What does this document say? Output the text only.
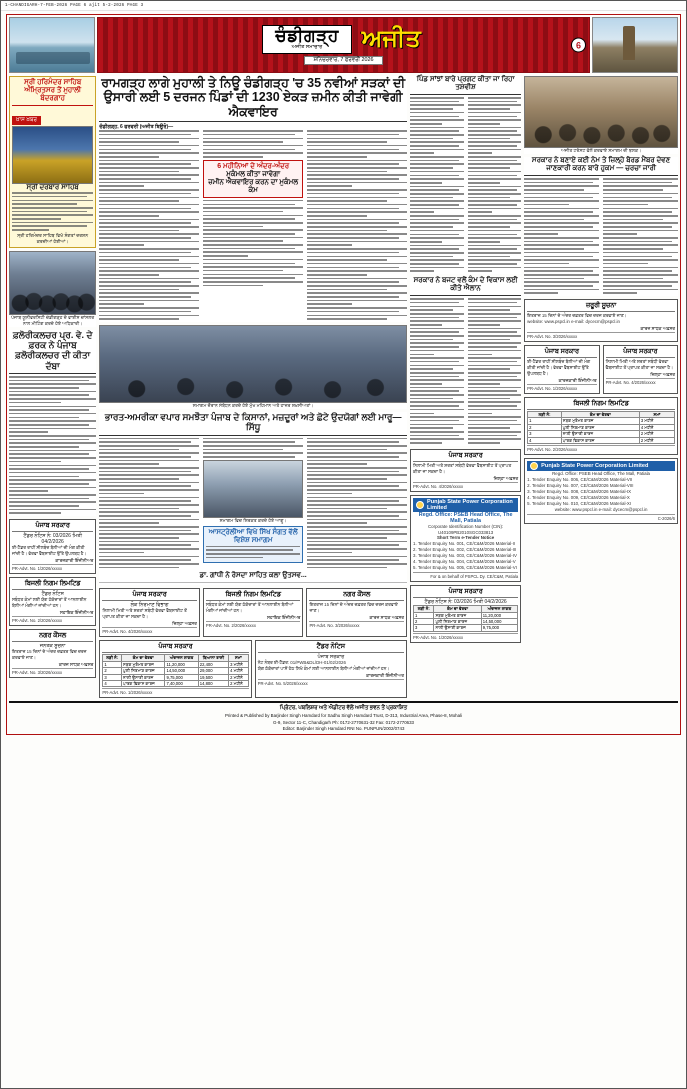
1-CHANDIGARH-7-FEB-2026 PAGE 6 ajit 5-2-2026 PAGE 3
ਚੰਡੀਗੜ੍ਹ
ਅਜੀਤ ਸਮਾਚਾਰ	ਅਜੀਤ
ਸ਼ਨਿਚਰਵਾਰ, 7 ਫਰਵਰੀ 2026
6
ਸ੍ਰੀ ਹਰਿਮੰਦਰ ਸਾਹਿਬ ਅੰਮ੍ਰਿਤਸਰ ਤੋਂ ਮੁਹਾਲੀ ਬੰਦਰਗਾਹ
ਖ਼ਾਸ ਖ਼ਬਰ
ਸ੍ਰੀ ਦਰਬਾਰ ਸਾਹਿਬ
ਸ੍ਰੀ ਹਰਿਮੰਦਰ ਸਾਹਿਬ ਵਿਖੇ ਸੰਗਤਾਂ ਦਰਸ਼ਨ ਕਰਦੀਆਂ ਹੋਈਆਂ।
ਪੰਜਾਬ ਯੂਨੀਵਰਸਿਟੀ ਚੰਡੀਗੜ੍ਹ ਦੇ ਵਾਈਸ ਚਾਂਸਲਰ ਨਾਲ ਮੀਟਿੰਗ ਕਰਦੇ ਹੋਏ ਅਧਿਕਾਰੀ।
ਫ਼ਲੋਰੀਕਲਚਰ ਪ੍ਰ. ਵੇ. ਦੇ ਫ਼ਰਕ ਨੇ ਪੰਜਾਬ ਫ਼ਲੋਰੀਕਲਚਰ ਦੀ ਕੀਤਾ ਦੱਬਾ
ਪੰਜਾਬ ਸਰਕਾਰ
ਟੈਂਡਰ ਨੋਟਿਸ ਨੰ: 03/2026 ਮਿਤੀ 04/2/2026
ਈ-ਟੈਂਡਰ ਰਾਹੀਂ ਸੀਲਬੰਦ ਬੋਲੀਆਂ ਦੀ ਮੰਗ ਕੀਤੀ ਜਾਂਦੀ ਹੈ। ਵੇਰਵਾ ਵੈੱਬਸਾਈਟ ਉੱਤੇ ਉਪਲਬਧ ਹੈ।
ਕਾਰਜਕਾਰੀ ਇੰਜੀਨੀਅਰ
PR-Advt. No. 1/2026/xxxxx
ਬਿਜਲੀ ਨਿਗਮ ਲਿਮਟਿਡ
ਟੈਂਡਰ ਨੋਟਿਸ
ਸਬੰਧਤ ਕੰਮਾਂ ਲਈ ਯੋਗ ਠੇਕੇਦਾਰਾਂ ਤੋਂ ਆਨਲਾਈਨ ਬੋਲੀਆਂ ਮੰਗੀਆਂ ਜਾਂਦੀਆਂ ਹਨ।
ਸਹਾਇਕ ਇੰਜੀਨੀਅਰ
PR-Advt. No. 2/2026/xxxxx
ਨਗਰ ਕੌਂਸਲ
ਜਨਤਕ ਸੂਚਨਾ
ਇਤਰਾਜ਼ 15 ਦਿਨਾਂ ਦੇ ਅੰਦਰ ਦਫ਼ਤਰ ਵਿਚ ਦਰਜ ਕਰਵਾਏ ਜਾਣ।
ਕਾਰਜ ਸਾਧਕ ਅਫ਼ਸਰ
PR-Advt. No. 3/2026/xxxxx
ਰਾਮਗੜ੍ਹ ਲਾਗੇ ਮੁਹਾਲੀ ਤੇ ਨਿਊ ਚੰਡੀਗੜ੍ਹ 'ਚ 35 ਨਵੀਆਂ ਸੜਕਾਂ ਦੀ ਉਸਾਰੀ ਲਈ 5 ਦਰਜਨ ਪਿੰਡਾਂ ਦੀ 1230 ਏਕੜ ਜ਼ਮੀਨ ਕੀਤੀ ਜਾਵੇਗੀ ਐਕਵਾਇਰ
ਚੰਡੀਗੜ੍ਹ, 6 ਫਰਵਰੀ (ਅਜੀਤ ਬਿਊਰੋ)—
6 ਮਹੀਨਿਆਂ ਦੇ ਅੰਦਰ-ਅੰਦਰ
ਮੁਕੰਮਲ ਕੀਤਾ ਜਾਵੇਗਾ
ਜ਼ਮੀਨ ਐਕਵਾਇਰ ਕਰਨ ਦਾ ਮੁਕੰਮਲ ਕੰਮ
ਸਮਾਗਮ ਦੌਰਾਨ ਸੰਬੋਧਨ ਕਰਦੇ ਹੋਏ ਮੁੱਖ ਮਹਿਮਾਨ ਅਤੇ ਹਾਜ਼ਰ ਸ਼ਖ਼ਸੀਅਤਾਂ।
ਭਾਰਤ-ਅਮਰੀਕਾ ਵਪਾਰ ਸਮਝੌਤਾ ਪੰਜਾਬ ਦੇ ਕਿਸਾਨਾਂ, ਮਜ਼ਦੂਰਾਂ ਅਤੇ ਛੋਟੇ ਉਦਯੋਗਾਂ ਲਈ ਮਾਰੂ—ਸਿੱਧੂ
ਸਮਾਗਮ ਵਿਚ ਸ਼ਿਰਕਤ ਕਰਦੇ ਹੋਏ ਆਗੂ।
ਆਸਟ੍ਰੇਲੀਆ ਵਿਖੇ ਸਿੱਖ ਸੰਗਤ ਵੱਲੋਂ ਵਿਸ਼ੇਸ਼ ਸਮਾਗਮ
ਡਾ. ਗਾਂਧੀ ਨੇ ਰੋਸਦਾ ਸਾਹਿਤ ਕਲਾ ਉਤਸਵ...
ਪੰਜਾਬ ਸਰਕਾਰ
ਲੋਕ ਨਿਰਮਾਣ ਵਿਭਾਗ
ਨਿਲਾਮੀ ਮਿਤੀ ਅਤੇ ਸ਼ਰਤਾਂ ਸਬੰਧੀ ਵੇਰਵਾ ਵੈੱਬਸਾਈਟ ਤੋਂ ਪ੍ਰਾਪਤ ਕੀਤਾ ਜਾ ਸਕਦਾ ਹੈ।
ਜ਼ਿਲ੍ਹਾ ਅਫ਼ਸਰ
PR-Advt. No. 4/2026/xxxxx
ਬਿਜਲੀ ਨਿਗਮ ਲਿਮਟਿਡ
ਸਬੰਧਤ ਕੰਮਾਂ ਲਈ ਯੋਗ ਠੇਕੇਦਾਰਾਂ ਤੋਂ ਆਨਲਾਈਨ ਬੋਲੀਆਂ ਮੰਗੀਆਂ ਜਾਂਦੀਆਂ ਹਨ।
ਸਹਾਇਕ ਇੰਜੀਨੀਅਰ
PR-Advt. No. 2/2026/xxxxx
ਨਗਰ ਕੌਂਸਲ
ਇਤਰਾਜ਼ 15 ਦਿਨਾਂ ਦੇ ਅੰਦਰ ਦਫ਼ਤਰ ਵਿਚ ਦਰਜ ਕਰਵਾਏ ਜਾਣ।
ਕਾਰਜ ਸਾਧਕ ਅਫ਼ਸਰ
PR-Advt. No. 3/2026/xxxxx
ਪੰਜਾਬ ਸਰਕਾਰ
ਲੜੀ ਨੰ:	ਕੰਮ ਦਾ ਵੇਰਵਾ	ਅੰਦਾਜ਼ਨ ਲਾਗਤ	ਬਿਆਨਾ ਰਾਸ਼ੀ	ਸਮਾਂ
1	ਸੜਕ ਮੁਰੰਮਤ ਕਾਰਜ	11,20,000	22,400	3 ਮਹੀਨੇ
2	ਪੁਲੀ ਨਿਰਮਾਣ ਕਾਰਜ	14,50,000	29,000	4 ਮਹੀਨੇ
3	ਨਾਲੀ ਉਸਾਰੀ ਕਾਰਜ	9,75,000	19,500	2 ਮਹੀਨੇ
4	ਪਾਰਕ ਵਿਕਾਸ ਕਾਰਜ	7,40,000	14,800	2 ਮਹੀਨੇ
PR-Advt. No. 1/2026/xxxxx
ਟੈਂਡਰ ਨੋਟਿਸ
ਪੰਜਾਬ ਸਰਕਾਰ
ਨੋਟ ਨੰਬਰ ਈ-ਟੈਂਡਰ: 01/PWB&DL/DH-01/02/2026
ਯੋਗ ਠੇਕੇਦਾਰਾਂ ਪਾਸੋਂ ਹੇਠ ਲਿਖੇ ਕੰਮਾਂ ਲਈ ਆਨਲਾਈਨ ਬੋਲੀਆਂ ਮੰਗੀਆਂ ਜਾਂਦੀਆਂ ਹਨ।
ਕਾਰਜਕਾਰੀ ਇੰਜੀਨੀਅਰ
PR-Advt. No. 5/2026/xxxxx
ਪਿੰਡ ਸਾਂਝਾਂ ਬਾਰੇ ਪ੍ਰਗਟ ਕੀਤਾ ਜਾ ਰਿਹਾ ਤਸ਼ਵੀਸ਼
ਸਰਕਾਰ ਨੇ ਬਜਟ ਵਲੋਂ ਕੰਮ ਦੇ ਵਿਕਾਸ ਲਈ ਕੀਤੇ ਐਲਾਨ
ਪੰਜਾਬ ਸਰਕਾਰ
ਨਿਲਾਮੀ ਮਿਤੀ ਅਤੇ ਸ਼ਰਤਾਂ ਸਬੰਧੀ ਵੇਰਵਾ ਵੈੱਬਸਾਈਟ ਤੋਂ ਪ੍ਰਾਪਤ ਕੀਤਾ ਜਾ ਸਕਦਾ ਹੈ।
ਜ਼ਿਲ੍ਹਾ ਅਫ਼ਸਰ
PR-Advt. No. 4/2026/xxxxx
Punjab State Power Corporation Limited
Regd. Office: PSEB Head Office, The Mall, Patiala
Corporate Identification Number (CIN): U40109PB2010SGC033813
Short Term e-Tender Notice
1. Tender Enquiry No. 001, CE/C&M/2026 Material-II
2. Tender Enquiry No. 002, CE/C&M/2026 Material-III
3. Tender Enquiry No. 003, CE/C&M/2026 Material-IV
4. Tender Enquiry No. 004, CE/C&M/2026 Material-V
5. Tender Enquiry No. 005, CE/C&M/2026 Material-VI
For & on behalf of PSPCL Dy. CE/C&M, Patiala
ਪੰਜਾਬ ਸਰਕਾਰ
ਟੈਂਡਰ ਨੋਟਿਸ ਨੰ: 03/2026 ਮਿਤੀ 04/2/2026
ਲੜੀ ਨੰ:	ਕੰਮ ਦਾ ਵੇਰਵਾ	ਅੰਦਾਜ਼ਨ ਲਾਗਤ
1	ਸੜਕ ਮੁਰੰਮਤ ਕਾਰਜ	11,20,000
2	ਪੁਲੀ ਨਿਰਮਾਣ ਕਾਰਜ	14,50,000
3	ਨਾਲੀ ਉਸਾਰੀ ਕਾਰਜ	9,75,000
PR-Advt. No. 1/2026/xxxxx
ਅਜੀਤ ਟਰੱਸਟ ਵੱਲੋਂ ਕਰਵਾਏ ਸਮਾਗਮ ਦੀ ਝਲਕ।
ਸਰਕਾਰ ਨੇ ਬਣਾਏ ਕਈ ਨੇਮ ਤੇ ਜ਼ਿਲ੍ਹੇ ਬੋਰਡ ਮੈਂਬਰ ਦੇਵਣ ਜਾਣਕਾਰੀ ਕਰਨ ਬਾਰੇ ਹੁਕਮ — ਚਰਚਾ ਜਾਰੀ
ਜ਼ਰੂਰੀ ਸੂਚਨਾ
ਇਤਰਾਜ਼ 15 ਦਿਨਾਂ ਦੇ ਅੰਦਰ ਦਫ਼ਤਰ ਵਿਚ ਦਰਜ ਕਰਵਾਏ ਜਾਣ।
website: www.pspcl.in e-mail: dycecm@pspcl.in
ਕਾਰਜ ਸਾਧਕ ਅਫ਼ਸਰ
PR-Advt. No. 3/2026/xxxxx
ਪੰਜਾਬ ਸਰਕਾਰ
ਈ-ਟੈਂਡਰ ਰਾਹੀਂ ਸੀਲਬੰਦ ਬੋਲੀਆਂ ਦੀ ਮੰਗ ਕੀਤੀ ਜਾਂਦੀ ਹੈ। ਵੇਰਵਾ ਵੈੱਬਸਾਈਟ ਉੱਤੇ ਉਪਲਬਧ ਹੈ।
ਕਾਰਜਕਾਰੀ ਇੰਜੀਨੀਅਰ
PR-Advt. No. 1/2026/xxxxx
ਪੰਜਾਬ ਸਰਕਾਰ
ਨਿਲਾਮੀ ਮਿਤੀ ਅਤੇ ਸ਼ਰਤਾਂ ਸਬੰਧੀ ਵੇਰਵਾ ਵੈੱਬਸਾਈਟ ਤੋਂ ਪ੍ਰਾਪਤ ਕੀਤਾ ਜਾ ਸਕਦਾ ਹੈ।
ਜ਼ਿਲ੍ਹਾ ਅਫ਼ਸਰ
PR-Advt. No. 4/2026/xxxxx
ਬਿਜਲੀ ਨਿਗਮ ਲਿਮਟਿਡ
ਲੜੀ ਨੰ:	ਕੰਮ ਦਾ ਵੇਰਵਾ	ਸਮਾਂ
1	ਸੜਕ ਮੁਰੰਮਤ ਕਾਰਜ	3 ਮਹੀਨੇ
2	ਪੁਲੀ ਨਿਰਮਾਣ ਕਾਰਜ	4 ਮਹੀਨੇ
3	ਨਾਲੀ ਉਸਾਰੀ ਕਾਰਜ	2 ਮਹੀਨੇ
4	ਪਾਰਕ ਵਿਕਾਸ ਕਾਰਜ	2 ਮਹੀਨੇ
PR-Advt. No. 2/2026/xxxxx
Punjab State Power Corporation Limited
Regd. Office: PSEB Head Office, The Mall, Patiala
1. Tender Enquiry No. 006, CE/C&M/2026 Material-VII
2. Tender Enquiry No. 007, CE/C&M/2026 Material-VIII
3. Tender Enquiry No. 008, CE/C&M/2026 Material-IX
4. Tender Enquiry No. 009, CE/C&M/2026 Material-X
5. Tender Enquiry No. 010, CE/C&M/2026 Material-XI
website: www.pspcl.in e-mail: dycecm@pspcl.in
C-2026/6
ਪ੍ਰਿੰਟਰ, ਪਬਲਿਸ਼ਰ ਅਤੇ ਐਡੀਟਰ ਵੱਲੋਂ ਅਜੀਤ ਭਵਨ ਤੋਂ ਪ੍ਰਕਾਸ਼ਿਤ
Printed & Published by Barjinder Singh Hamdard for Sadhu Singh Hamdard Trust, D-313, Industrial Area, Phase-8, Mohali
G-9, Sector 11-C, Chandigarh Ph: 0172-2770631-32 Fax: 0172-2770633
Editor: Barjinder Singh Hamdard RNI No. PUNPUN/2002/0743
